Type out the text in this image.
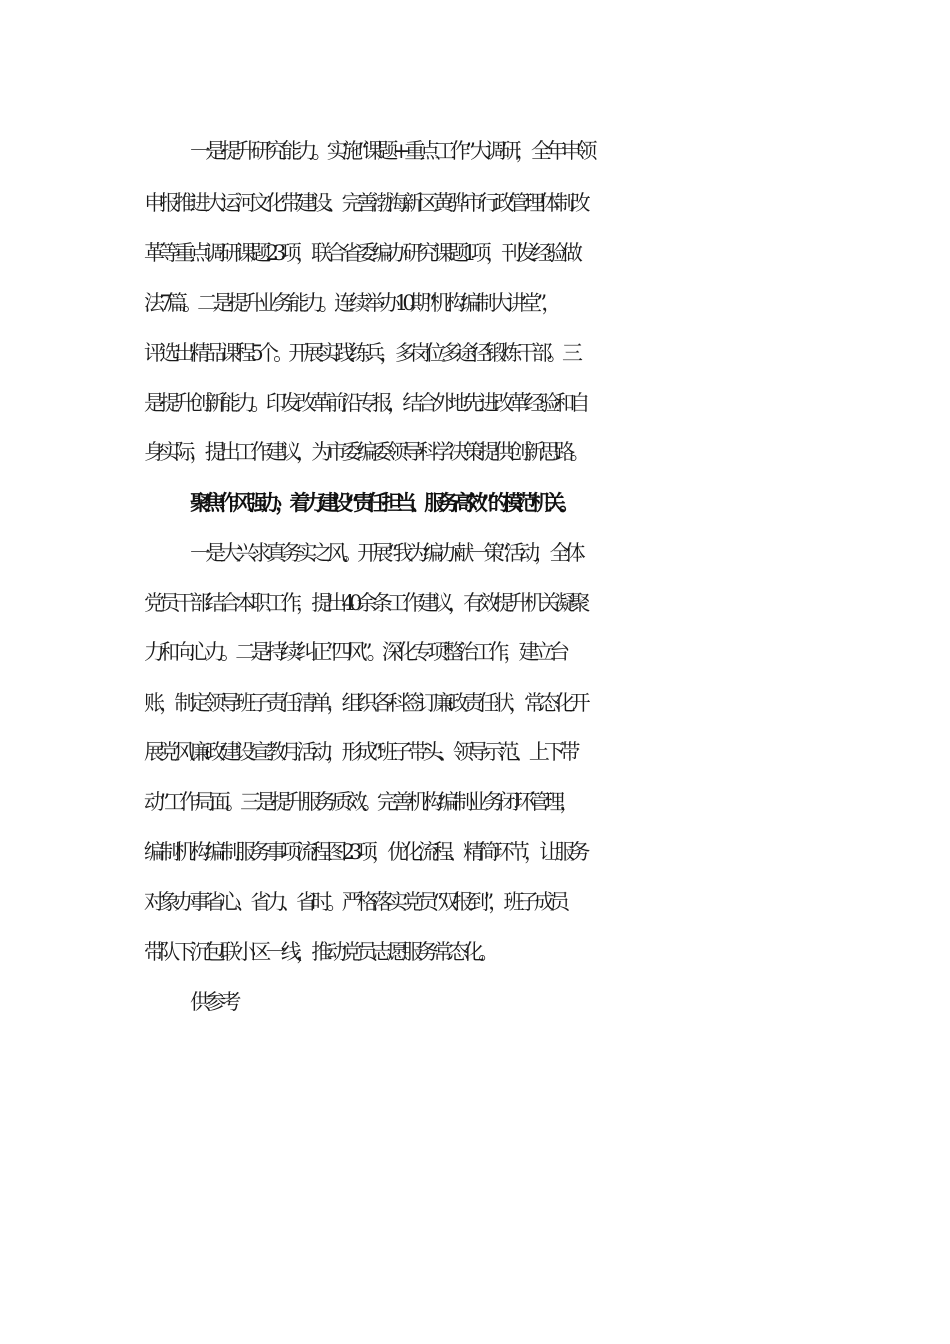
一是提升研究能力。实施“课题+重点工作”大调研，全年申领
申报推进大运河文化带建设、完善渤海新区黄骅市行政管理体制改
革等重点调研课题23项，联合省委编办研究课题1项，刊发经验做
法7篇。二是提升业务能力。连续举办10期“机构编制大讲堂”，
评选出精品课程5个。开展实践练兵，多岗位多途径锻炼干部。三
是提升创新能力。印发改革前沿专报，结合外地先进改革经验和自
身实际，提出工作建议，为市委编委领导科学决策提供创新思路。
聚焦作风强办，着力建设“责任担当、服务高效”的模范机关。
一是大兴求真务实之风。开展“我为编办献一策”活动，全体
党员干部结合本职工作，提出40余条工作建议，有效提升机关凝聚
力和向心力。二是持续纠正“四风”。深化专项整治工作，建立台
账，制定领导班子责任清单，组织各科签订廉政责任状，常态化开
展党风廉政建设宣教月活动，形成“班子带头、领导示范、上下带
动”工作局面。三是提升服务质效。完善机构编制业务闭环管理，
编制机构编制服务事项流程图23项，优化流程、精简环节，让服务
对象办事省心、省力、省时。严格落实党员“双报到”，班子成员
带队下沉包联小区一线，推动党员志愿服务常态化。
供参考
